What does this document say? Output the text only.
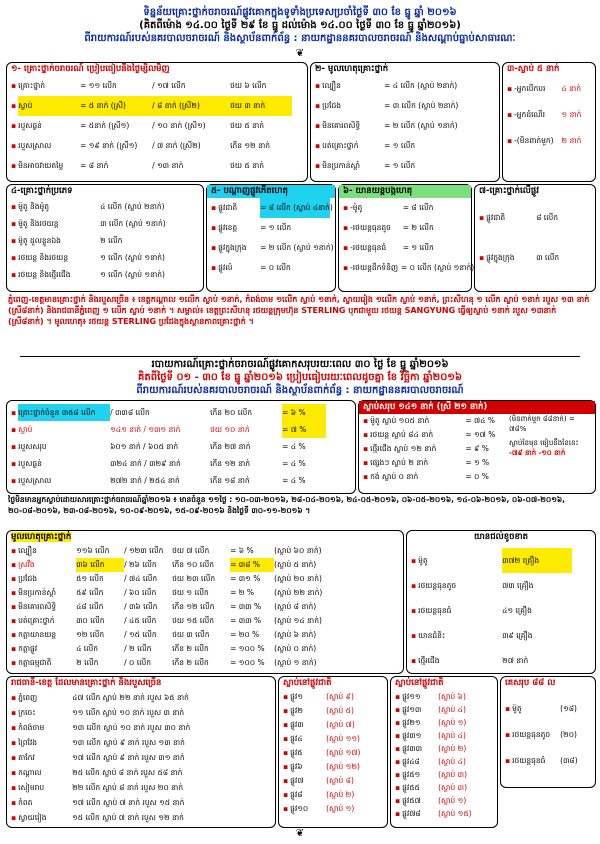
ទិន្នន័យគ្រោះថ្នាក់ចរាចរណ៍ផ្លូវគោកក្នុងទូទាំងប្រទេសប្រចាំថ្ងៃទី ៣០ ខែ ធ្នូ ឆ្នាំ ២០១៦
(គិតពីម៉ោង ១៤.០០ ថ្ងៃទី ២៩ ខែ ធ្នូ ដល់ម៉ោង ១៤.០០ ថ្ងៃទី ៣០ ខែ ធ្នូ ឆ្នាំ២០១៦)
ពីរាយការណ៍របស់នគរបាលចរាចរណ៍ និងស្ថាប័នពាក់ព័ន្ធ : នាយកដ្ឋាននគរបាលចរាចរណ៍ និងសណ្ដាប់ធ្នាប់សាធារណៈ
❦
១- គ្រោះថ្នាក់ចរាចរណ៍ ប្រៀបធៀបនឹងថ្ងៃម្សិលមិញ
▪ គ្រោះថ្នាក់	= ១១ លើក	/ ១៧ លើក	ថយ ៦ លើក
▪ ស្លាប់	= ៥ នាក់ (ស្រី)	/ ៨ នាក់ (ស្រី២)	ថយ ៣ នាក់
▪ របួសធ្ងន់	= ៥នាក់ (ស្រី១)	/ ១០ នាក់ (ស្រី១)	ថយ ៥ នាក់
▪ របួសស្រាល	= ១៩ នាក់ (ស្រី១)	/ ៧ នាក់ (ស្រី២)	កើន ១២ នាក់
▪ មិនអាចវាយតម្លៃ	= ៨ នាក់	/ ១៣ នាក់	ថយ ៥ នាក់
២- មូលហេតុគ្រោះថ្នាក់
▪ ល្បឿន	= ៤ លើក (ស្លាប់ ២នាក់)
▪ ប្រជែង	= ៣ លើក (ស្លាប់ ២នាក់)
▪ មិនគោរពសិទ្ធិ	= ២ លើក (ស្លាប់ ១នាក់)
▪ បត់គ្រោះថ្នាក់	= ១ លើក
▪ មិនប្រកាន់ស្ដាំ	= ១ លើក
៣-ស្លាប់ ៥ នាក់
▪ -អ្នកបើកបរ	៤ នាក់
▪ -អ្នកដំណើរ	១ នាក់
▪ -(មិនពាក់មួក)	២ នាក់
៤-គ្រោះថ្នាក់ប្រភេទ
▪ ម៉ូតូ និងម៉ូតូ	៤ លើក (ស្លាប់ ២នាក់)
▪ ម៉ូតូ និងរថយន្ត	៣ លើក (ស្លាប់ ១នាក់)
▪ ម៉ូតូ ដួលខ្លួនឯង	២ លើក
▪ រថយន្ត និងរថយន្ត	១ លើក (ស្លាប់ ១នាក់)
▪ រថយន្ត និងថ្មើរជើង	១ លើក (ស្លាប់ ១នាក់)
៥- បណ្ដាញផ្លូវកើតហេតុ
▪ ផ្លូវជាតិ	= ៨ លើក (ស្លាប់ ៤នាក់)
▪ ផ្លូវខេត្ត	= ១ លើក
▪ ផ្លូវក្នុងក្រុង	= ២ លើក (ស្លាប់ ១នាក់)
▪ ផ្លូវលំ	= ០ លើក
៦- យានយន្តបង្កហេតុ
▪ -ម៉ូតូ	= ៨ លើក
▪ -រថយន្តធុនតូច	= ២ លើក
▪ -រថយន្តធុនធំ	= ១ លើក
▪ -រថយន្តដឹកទំនិញ = ០ លើក (ស្លាប់ ១នាក់)
៧-គ្រោះថ្នាក់លើផ្លូវ
▪ ផ្លូវជាតិ	៨ លើក
▪ ផ្លូវក្នុងក្រុង	៣ លើក
ភ្នំពេញ-ខេត្តមានគ្រោះថ្នាក់ និងរបួសច្រើន ៖ ខេត្តកណ្ដាល ១លើក ស្លាប់ ១នាក់, កំពង់ចាម ១លើក ស្លាប់ ១នាក់, ស្វាយរៀង ១លើក ស្លាប់ ១នាក់, ព្រះសីហនុ ១ លើក ស្លាប់ ១នាក់ របួស ១៣ នាក់ (ស្រី៨នាក់) និងរាជធានីភ្នំពេញ ១ លើក ស្លាប់ ១នាក់ ។ សម្គាល់៖ ខេត្តព្រះសីហនុ រថយន្តក្រុមហ៊ុន STERLING បុកជាមួយ រថយន្ត SANGYUNG ធ្វើឲ្យស្លាប់ ១នាក់ របួស ១៣នាក់ (ស្រី៨នាក់) ។ មូលហេតុ៖ រថយន្ត STERLING ប្រជែងក្នុងស្ថានភាពគ្រោះថ្នាក់ ។
របាយការណ៍គ្រោះថ្នាក់ចរាចរណ៍ផ្លូវគោកសរុបរយៈពេល ៣០ ថ្ងៃ ខែ ធ្នូ ឆ្នាំ២០១៦
គិតពីថ្ងៃទី ០១ - ៣០ ខែ ធ្នូ ឆ្នាំ២០១៦ ប្រៀបធៀបរយៈពេលដូចគ្នា ខែ វិច្ឆិកា ឆ្នាំ២០១៦
ពីរាយការណ៍របស់នគរបាលចរាចរណ៍ និងស្ថាប័នពាក់ព័ន្ធ : នាយកដ្ឋាននគរបាលចរាចរណ៍
▪ គ្រោះថ្នាក់ចំនួន ៣៥៨ លើក	/ ៣៣៨ លើក	កើន ២០ លើក	= ៦ %
▪ ស្លាប់	១៤១ នាក់ / ១៣១ នាក់	ថយ ១០ នាក់	= ៧ %
▪ របួសសរុប	៦០១ នាក់ / ៦០៥ នាក់	កើន ២៧ នាក់	= ៤ %
▪ របួសធ្ងន់	៣២៤ នាក់ / ៣២៩ នាក់	កើន ១២ នាក់	= ៤ %
▪ របួសស្រាល	២៧២ នាក់ / ២៥៤ នាក់	កើន ១៨ នាក់	= ៤ %
ស្លាប់សរុប ១៤១ នាក់ (ស្រី ២១ នាក់)
▪ ម៉ូតូ ស្លាប់ ១០៥ នាក់	= ៧៤ %
▪ រថយន្ត ស្លាប់ ៨៤ នាក់	= ១៧ %
▪ ថ្មើរជើង ស្លាប់ ១២ នាក់	= ៩ %
▪ ផ្សេងៗ ស្លាប់ ២ នាក់	= ១ %
▪ កង់ ស្លាប់ ០ នាក់	= ០ %
(មិនពាក់មួក ៨៨នាក់) = ៧៨%
ស្លាប់ខែមុន ធៀបនឹងខែនេះ
-៧៩ នាក់ -១០ នាក់
ថ្ងៃមិនមានអ្នកស្លាប់ដោយសារគ្រោះថ្នាក់ចរាចរណ៍ឆ្នាំ២០១៦ ៖ មានចំនួន ១១ថ្ងៃ : ១០-០៣-២០១៦, ២៨-០៤-២០១៦, ២៤-០៥-២០១៦, ០៦-០៥-២០១៦, ១៤-០៦-២០១៦, ០៦-០៧-២០១៦, ២០-០៨-២០១៦, ២៣-០៨-២០១៦, ១០-០៩-២០១៦, ១៥-០៩-២០១៦ និងថ្ងៃទី ៣០-១១-២០១៦ ។
មូលហេតុគ្រោះថ្នាក់
▪ ល្បឿន	១១៦ លើក	/ ១២៣ លើក	ថយ ៧ លើក	= ៦ %	(ស្លាប់ ៦០ នាក់)
▪ ស្រវឹង	៣៦ លើក	/ ២៦ លើក	កើន ១០ លើក	= ៣៨ %	(ស្លាប់ ៥ នាក់)
▪ ប្រជែង	៥១ លើក	/ ៧៤ លើក	ថយ ២៣ លើក	= ៣១ %	(ស្លាប់ ២០ នាក់)
▪ មិនប្រកាន់ស្ដាំ	៥៩ លើក	/ ៦០ លើក	ថយ ១ លើក	= ២ %	(ស្លាប់ ២២ នាក់)
▪ មិនគោរពសិទ្ធិ	៤៨ លើក	/ ៣៦ លើក	កើន ១២ លើក	= ៣៣ %	(ស្លាប់ ៨ នាក់)
▪ បត់គ្រោះថ្នាក់	៣០ លើក	/ ៤៥ លើក	ថយ ១៥ លើក	= ៣៣ %	(ស្លាប់ ១៤ នាក់)
▪ កត្តាយានយន្ត	១២ លើក	/ ១៥ លើក	ថយ ៣ លើក	= ២០ %	(ស្លាប់ ៦ នាក់)
▪ កត្តាផ្លូវ	៤ លើក	/ ២ លើក	កើន ២ លើក	= ១០០ %	(ស្លាប់ ០ នាក់)
▪ កត្តាធម្មជាតិ	២ លើក	/ ០ លើក	កើន ២ លើក	= ១០០ %	(ស្លាប់ ១ នាក់)
យានជល់ខូចខាត
▪ ម៉ូតូ	៣៧២ គ្រឿង
▪ រថយន្តធុនតូច	៧៣ គ្រឿង
▪ រថយន្តធុនធំ	៤១ គ្រឿង
▪ យានជំនិះ	៣៩ គ្រឿង
▪ ថ្មើរជើង	២៧ នាក់
រាជធានី-ខេត្ត ដែលមានគ្រោះថ្នាក់ និងរបួសច្រើន
▪ ភ្នំពេញ	៤៧ លើក ស្លាប់ ២២ នាក់ របួស ៦៥ នាក់
▪ ក្រចេះ	១១ លើក ស្លាប់ ១០ នាក់ របួស ៣ នាក់
▪ កំពង់ចាម	១៣ លើក ស្លាប់ ១០ នាក់ របួស ៣០ នាក់
▪ ព្រៃវែង	១៣ លើក ស្លាប់ ៩ នាក់ របួស ១៣ នាក់
▪ តាកែវ	១៧ លើក ស្លាប់ ៩ នាក់ របួស ៣១ នាក់
▪ កណ្ដាល	២៥ លើក ស្លាប់ ៨ នាក់ របួស ៥៨ នាក់
▪ សៀមរាប	២២ លើក ស្លាប់ ៨ នាក់ របួស ២០ នាក់
▪ កំពត	១៧ លើក ស្លាប់ ៧ នាក់ របួស ១៥ នាក់
▪ ស្វាយរៀង	១៥ លើក ស្លាប់ ៧ នាក់ របួស ១២ នាក់
ស្លាប់នៅផ្លូវជាតិ
▪ ផ្លូវ១	(ស្លាប់ ៩)
▪ ផ្លូវ២	(ស្លាប់ ៥)
▪ ផ្លូវ៣	(ស្លាប់ ៧)
▪ ផ្លូវ៤	(ស្លាប់ ១១)
▪ ផ្លូវ៥	(ស្លាប់ ១៧)
▪ ផ្លូវ៦	(ស្លាប់ ១២)
▪ ផ្លូវ៧	(ស្លាប់ ៨)
▪ ផ្លូវ៨	(ស្លាប់ ២)
▪ ផ្លូវ១០	(ស្លាប់ ១)
ស្លាប់នៅផ្លូវជាតិ
▪ ផ្លូវ១១	(ស្លាប់ ៦)
▪ ផ្លូវ១៣	(ស្លាប់ ៤)
▪ ផ្លូវ២១	(ស្លាប់ ១)
▪ ផ្លូវ៣១	(ស្លាប់ ៤)
▪ ផ្លូវ៣៣	(ស្លាប់ ២)
▪ ផ្លូវ៤៨	(ស្លាប់ ៤)
▪ ផ្លូវ៥១	(ស្លាប់ ៣)
▪ ផ្លូវ៥៥	(ស្លាប់ ៣)
▪ ផ្លូវ៥៧	(ស្លាប់ ១)
▪ ផ្លូវ៧៨	(ស្លាប់ ១៥)
គេសរុប ៨៨ ល
▪ ម៉ូតូ	(១៨)
▪ រថយន្តធុនតូច	(២០)
▪ រថយន្តធុនធំ	(៣៨)
❦
